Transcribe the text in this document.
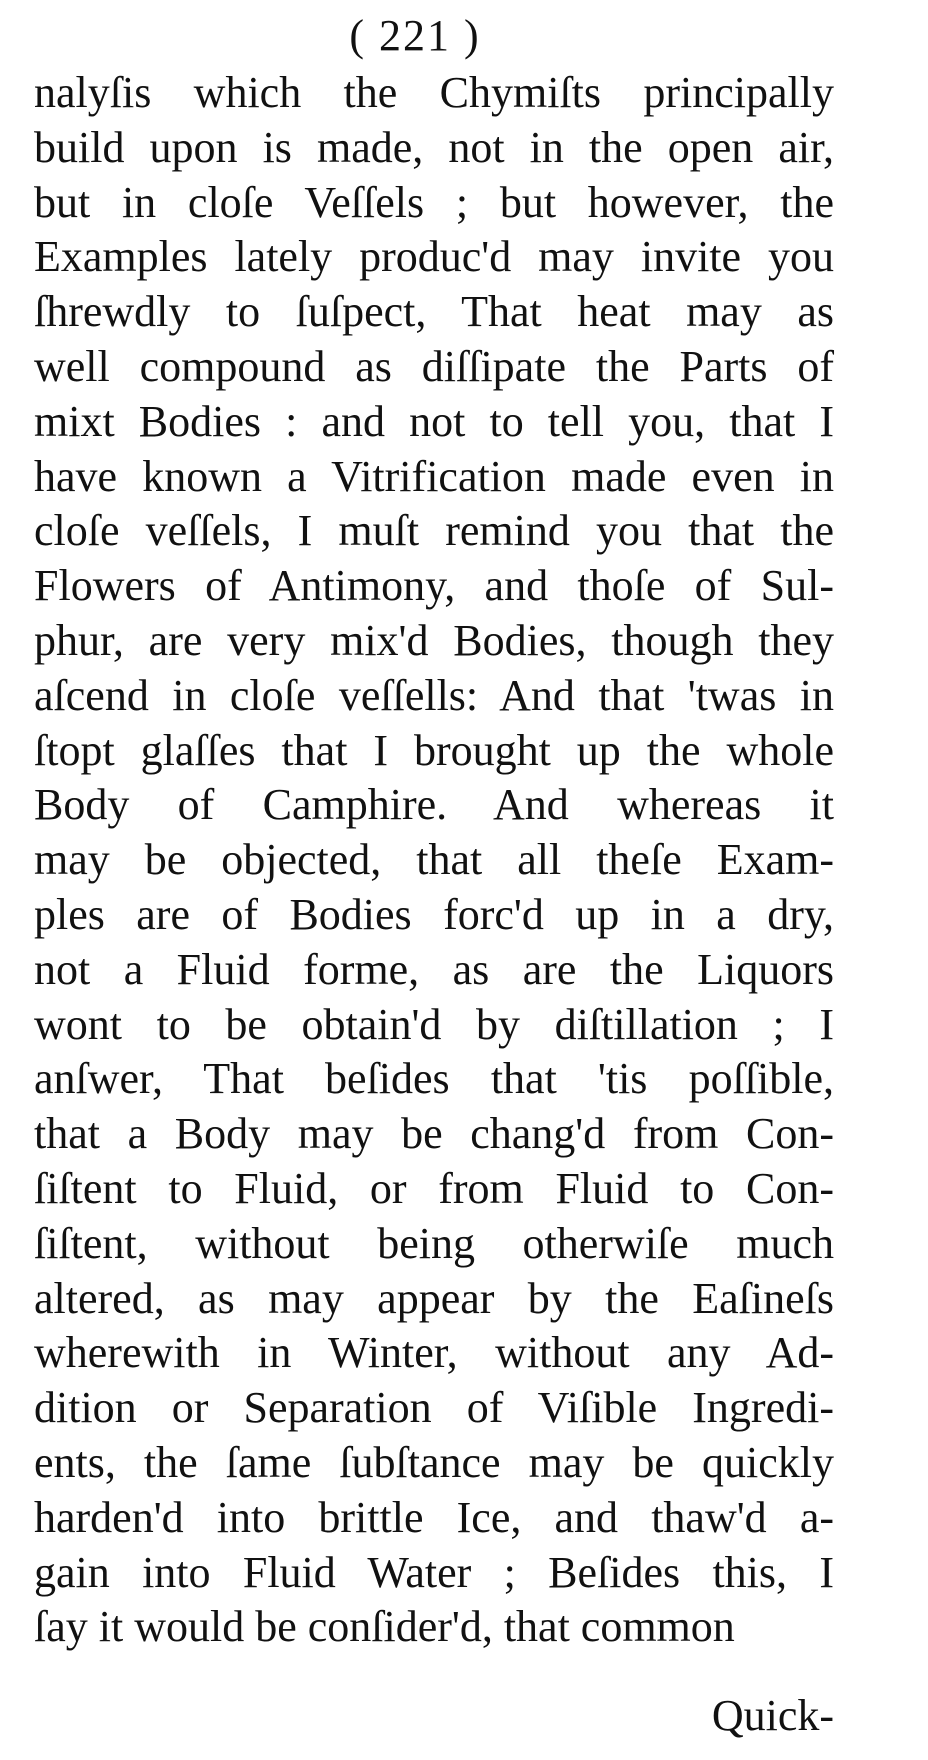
( 221 )
nalyſis which the Chymiſts principally
build upon is made, not in the open air,
but in cloſe Veſſels ; but however, the
Examples lately produc'd may invite you
ſhrewdly to ſuſpect, That heat may as
well compound as diſſipate the Parts of
mixt Bodies : and not to tell you, that I
have known a Vitrification made even in
cloſe veſſels, I muſt remind you that the
Flowers of Antimony, and thoſe of Sul-
phur, are very mix'd Bodies, though they
aſcend in cloſe veſſells: And that 'twas in
ſtopt glaſſes that I brought up the whole
Body of Camphire. And whereas it
may be objected, that all theſe Exam-
ples are of Bodies forc'd up in a dry,
not a Fluid forme, as are the Liquors
wont to be obtain'd by diſtillation ; I
anſwer, That beſides that 'tis poſſible,
that a Body may be chang'd from Con-
ſiſtent to Fluid, or from Fluid to Con-
ſiſtent, without being otherwiſe much
altered, as may appear by the Eaſineſs
wherewith in Winter, without any Ad-
dition or Separation of Viſible Ingredi-
ents, the ſame ſubſtance may be quickly
harden'd into brittle Ice, and thaw'd a-
gain into Fluid Water ; Beſides this, I
ſay it would be conſider'd, that common
Quick-
